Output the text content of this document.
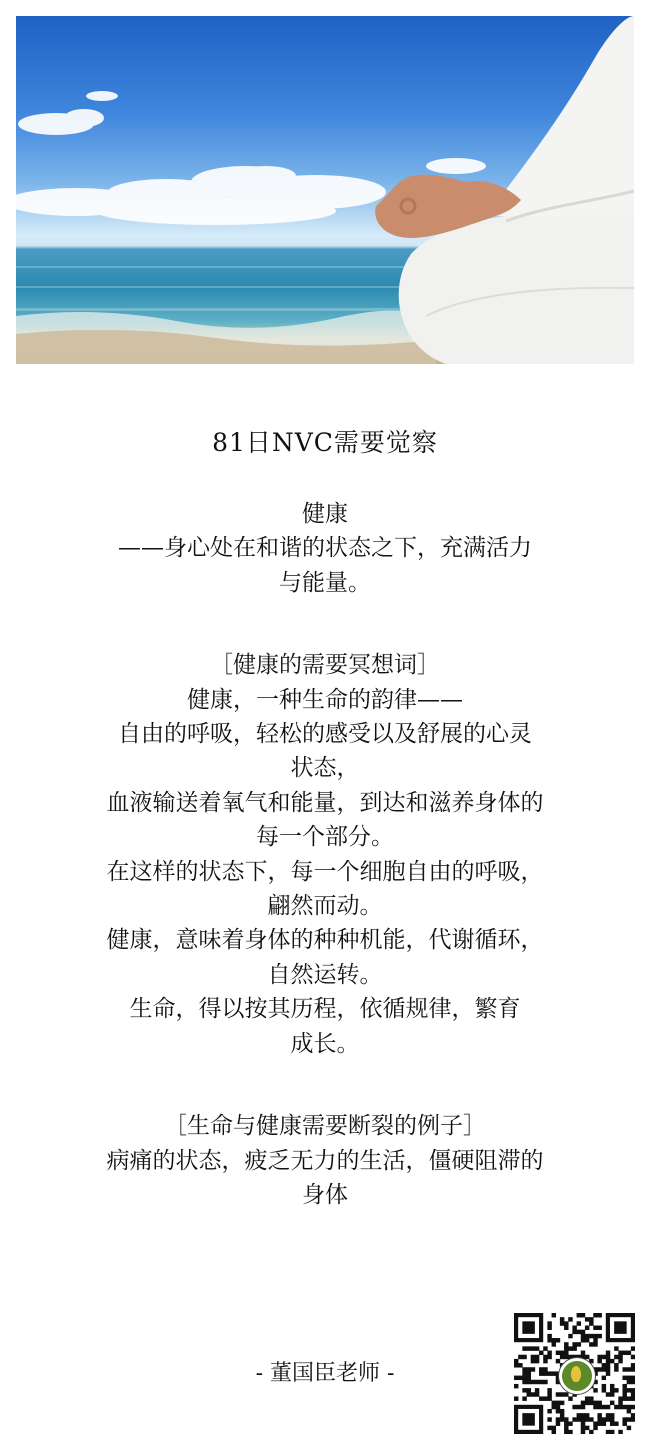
81日NVC需要觉察
健康
——身心处在和谐的状态之下，充满活力
与能量。
［健康的需要冥想词］
健康，一种生命的韵律——
自由的呼吸，轻松的感受以及舒展的心灵
状态，
血液输送着氧气和能量，到达和滋养身体的
每一个部分。
在这样的状态下，每一个细胞自由的呼吸，
翩然而动。
健康，意味着身体的种种机能，代谢循环，
自然运转。
生命，得以按其历程，依循规律，繁育
成长。
［生命与健康需要断裂的例子］
病痛的状态，疲乏无力的生活，僵硬阻滞的
身体
- 董国臣老师 -
